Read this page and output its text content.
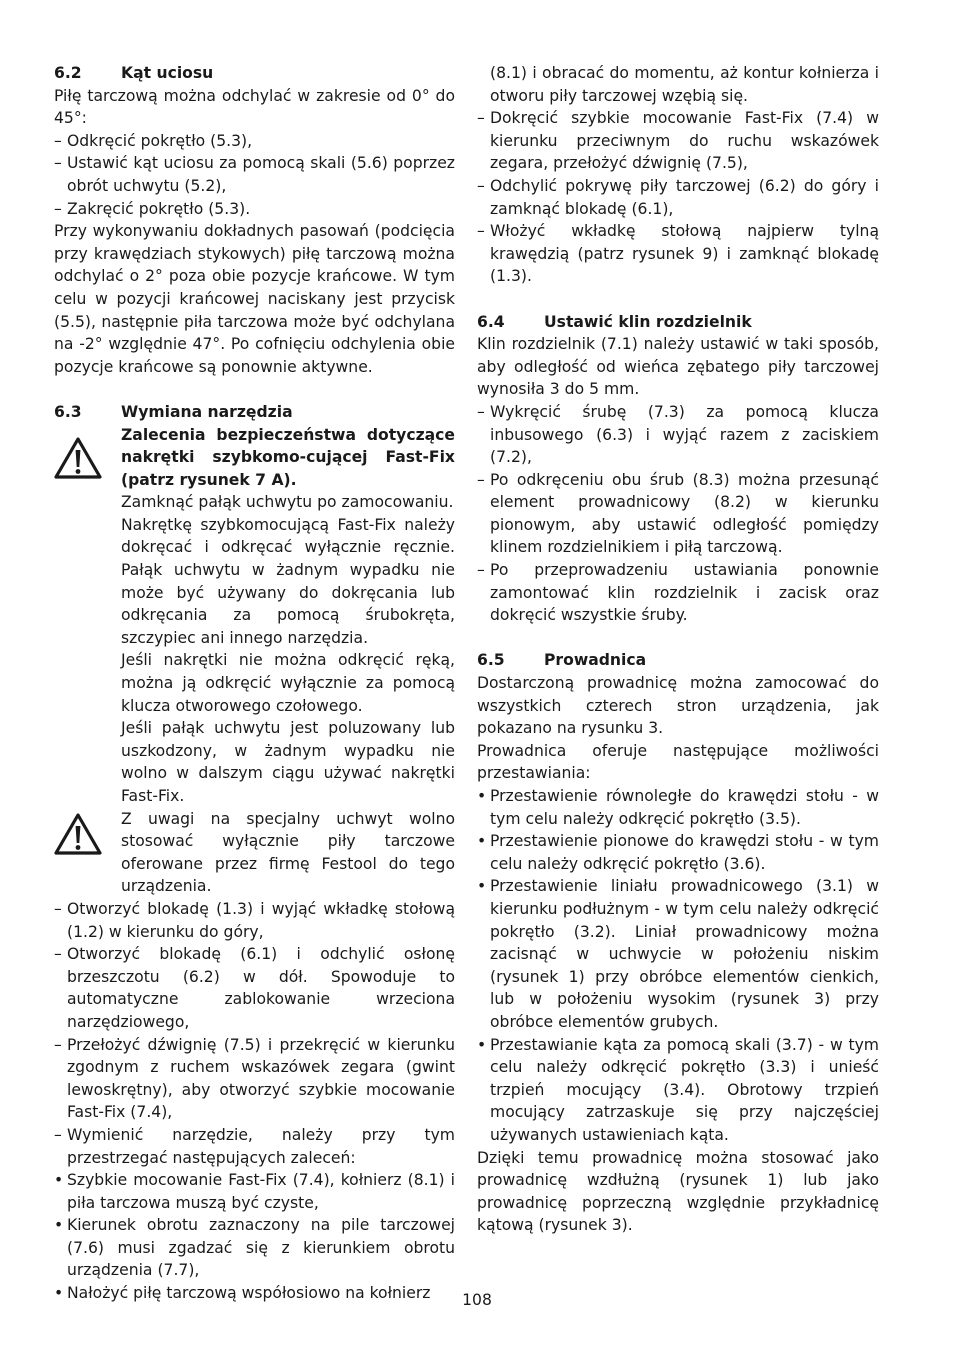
6.2	Kąt uciosu

Piłę tarczową można odchylać w zakresie od 0° do 45°:

– Odkręcić pokrętło (5.3),
– Ustawić kąt uciosu za pomocą skali (5.6) poprzez obrót uchwytu (5.2),
– Zakręcić pokrętło (5.3).

Przy wykonywaniu dokładnych pasowań (podcięcia przy krawędziach stykowych) piłę tarczową można odchylać o 2° poza obie pozycje krańcowe. W tym celu w pozycji krańcowej naciskany jest przycisk (5.5), następnie piła tarczowa może być odchylana na -2° względnie 47°. Po cofnięciu odchylenia obie pozycje krańcowe są ponownie aktywne.

6.3	Wymiana narzędzia

Zalecenia bezpieczeństwa dotyczące nakrętki szybkomo-cującej Fast-Fix (patrz rysunek 7 A).

Zamknąć pałąk uchwytu po zamocowaniu.

Nakrętkę szybkomocującą Fast-Fix należy dokręcać i odkręcać wyłącznie ręcznie. Pałąk uchwytu w żadnym wypadku nie może być używany do dokręcania lub odkręcania za pomocą śrubokręta, szczypiec ani innego narzędzia.

Jeśli nakrętki nie można odkręcić ręką, można ją odkręcić wyłącznie za pomocą klucza otworowego czołowego.

Jeśli pałąk uchwytu jest poluzowany lub uszkodzony, w żadnym wypadku nie wolno w dalszym ciągu używać nakrętki Fast-Fix.

Z uwagi na specjalny uchwyt wolno stosować wyłącznie piły tarczowe oferowane przez firmę Festool do tego urządzenia.

– Otworzyć blokadę (1.3) i wyjąć wkładkę stołową (1.2) w kierunku do góry,
– Otworzyć blokadę (6.1) i odchylić osłonę brzeszczotu (6.2) w dół. Spowoduje to automatyczne zablokowanie wrzeciona narzędziowego,
– Przełożyć dźwignię (7.5) i przekręcić w kierunku zgodnym z ruchem wskazówek zegara (gwint lewoskrętny), aby otworzyć szybkie mocowanie Fast-Fix (7.4),
– Wymienić narzędzie, należy przy tym przestrzegać następujących zaleceń:
• Szybkie mocowanie Fast-Fix (7.4), kołnierz (8.1) i piła tarczowa muszą być czyste,
• Kierunek obrotu zaznaczony na pile tarczowej (7.6) musi zgadzać się z kierunkiem obrotu urządzenia (7.7),
• Nałożyć piłę tarczową współosiowo na kołnierz
(8.1) i obracać do momentu, aż kontur kołnierza i otworu piły tarczowej wzębią się.
– Dokręcić szybkie mocowanie Fast-Fix (7.4) w kierunku przeciwnym do ruchu wskazówek zegara, przełożyć dźwignię (7.5),
– Odchylić pokrywę piły tarczowej (6.2) do góry i zamknąć blokadę (6.1),
– Włożyć wkładkę stołową najpierw tylną krawędzią (patrz rysunek 9) i zamknąć blokadę (1.3).
6.4	Ustawić klin rozdzielnik

Klin rozdzielnik (7.1) należy ustawić w taki sposób, aby odległość od wieńca zębatego piły tarczowej wynosiła 3 do 5 mm.

– Wykręcić śrubę (7.3) za pomocą klucza inbusowego (6.3) i wyjąć razem z zaciskiem (7.2),
– Po odkręceniu obu śrub (8.3) można przesunąć element prowadnicowy (8.2) w kierunku pionowym, aby ustawić odległość pomiędzy klinem rozdzielnikiem i piłą tarczową.
– Po przeprowadzeniu ustawiania ponownie zamontować klin rozdzielnik i zacisk oraz dokręcić wszystkie śruby.
6.5	Prowadnica

Dostarczoną prowadnicę można zamocować do wszystkich czterech stron urządzenia, jak pokazano na rysunku 3.

Prowadnica oferuje następujące możliwości przestawiania:

• Przestawienie równoległe do krawędzi stołu - w tym celu należy odkręcić pokrętło (3.5).
• Przestawienie pionowe do krawędzi stołu - w tym celu należy odkręcić pokrętło (3.6).
• Przestawienie liniału prowadnicowego (3.1) w kierunku podłużnym - w tym celu należy odkręcić pokrętło (3.2). Liniał prowadnicowy można zacisnąć w uchwycie w położeniu niskim (rysunek 1) przy obróbce elementów cienkich, lub w położeniu wysokim (rysunek 3) przy obróbce elementów grubych.
• Przestawianie kąta za pomocą skali (3.7) - w tym celu należy odkręcić pokrętło (3.3) i unieść trzpień mocujący (3.4). Obrotowy trzpień mocujący zatrzaskuje się przy najczęściej używanych ustawieniach kąta.

Dzięki temu prowadnicę można stosować jako prowadnicę wzdłużną (rysunek 1) lub jako prowadnicę poprzeczną względnie przykładnicę kątową (rysunek 3).

108
